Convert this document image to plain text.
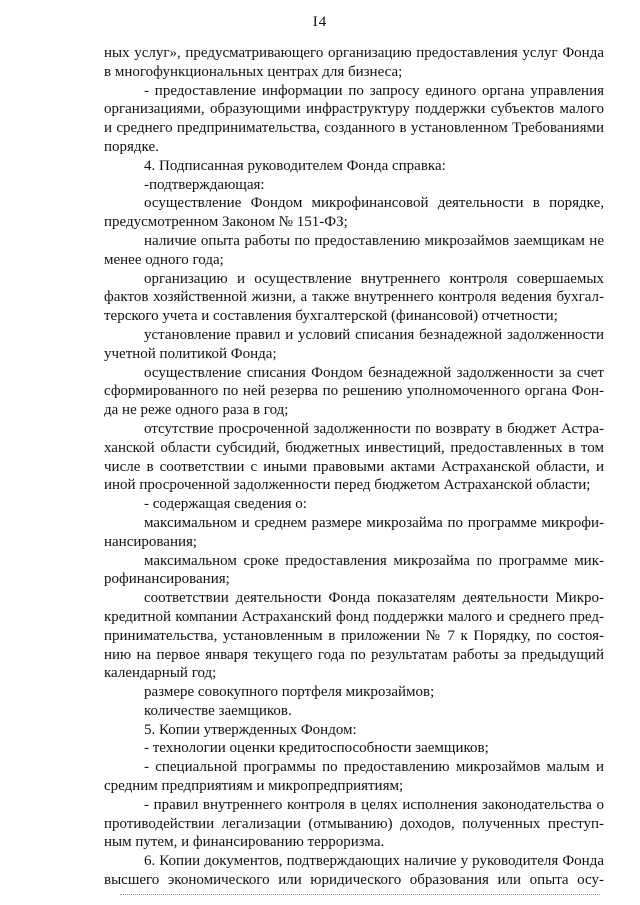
I4
ных услуг», предусматривающего организацию предоставления услуг Фонда
в многофункциональных центрах для бизнеса;
- предоставление информации по запросу единого органа управления
организациями, образующими инфраструктуру поддержки субъектов малого
и среднего предпринимательства, созданного в установленном Требованиями
порядке.
4. Подписанная руководителем Фонда справка:
-подтверждающая:
осуществление Фондом микрофинансовой деятельности в порядке,
предусмотренном Законом № 151-ФЗ;
наличие опыта работы по предоставлению микрозаймов заемщикам не
менее одного года;
организацию и осуществление внутреннего контроля совершаемых
фактов хозяйственной жизни, а также внутреннего контроля ведения бухгал-
терского учета и составления бухгалтерской (финансовой) отчетности;
установление правил и условий списания безнадежной задолженности
учетной политикой Фонда;
осуществление списания Фондом безнадежной задолженности за счет
сформированного по ней резерва по решению уполномоченного органа Фон-
да не реже одного раза в год;
отсутствие просроченной задолженности по возврату в бюджет Астра-
ханской области субсидий, бюджетных инвестиций, предоставленных в том
числе в соответствии с иными правовыми актами Астраханской области, и
иной просроченной задолженности перед бюджетом Астраханской области;
- содержащая сведения о:
максимальном и среднем размере микрозайма по программе микрофи-
нансирования;
максимальном сроке предоставления микрозайма по программе мик-
рофинансирования;
соответствии деятельности Фонда показателям деятельности Микро-
кредитной компании Астраханский фонд поддержки малого и среднего пред-
принимательства, установленным в приложении № 7 к Порядку, по состоя-
нию на первое января текущего года по результатам работы за предыдущий
календарный год;
размере совокупного портфеля микрозаймов;
количестве заемщиков.
5. Копии утвержденных Фондом:
- технологии оценки кредитоспособности заемщиков;
- специальной программы по предоставлению микрозаймов малым и
средним предприятиям и микропредприятиям;
- правил внутреннего контроля в целях исполнения законодательства о
противодействии легализации (отмыванию) доходов, полученных преступ-
ным путем, и финансированию терроризма.
6. Копии документов, подтверждающих наличие у руководителя Фонда
высшего экономического или юридического образования или опыта осу-
